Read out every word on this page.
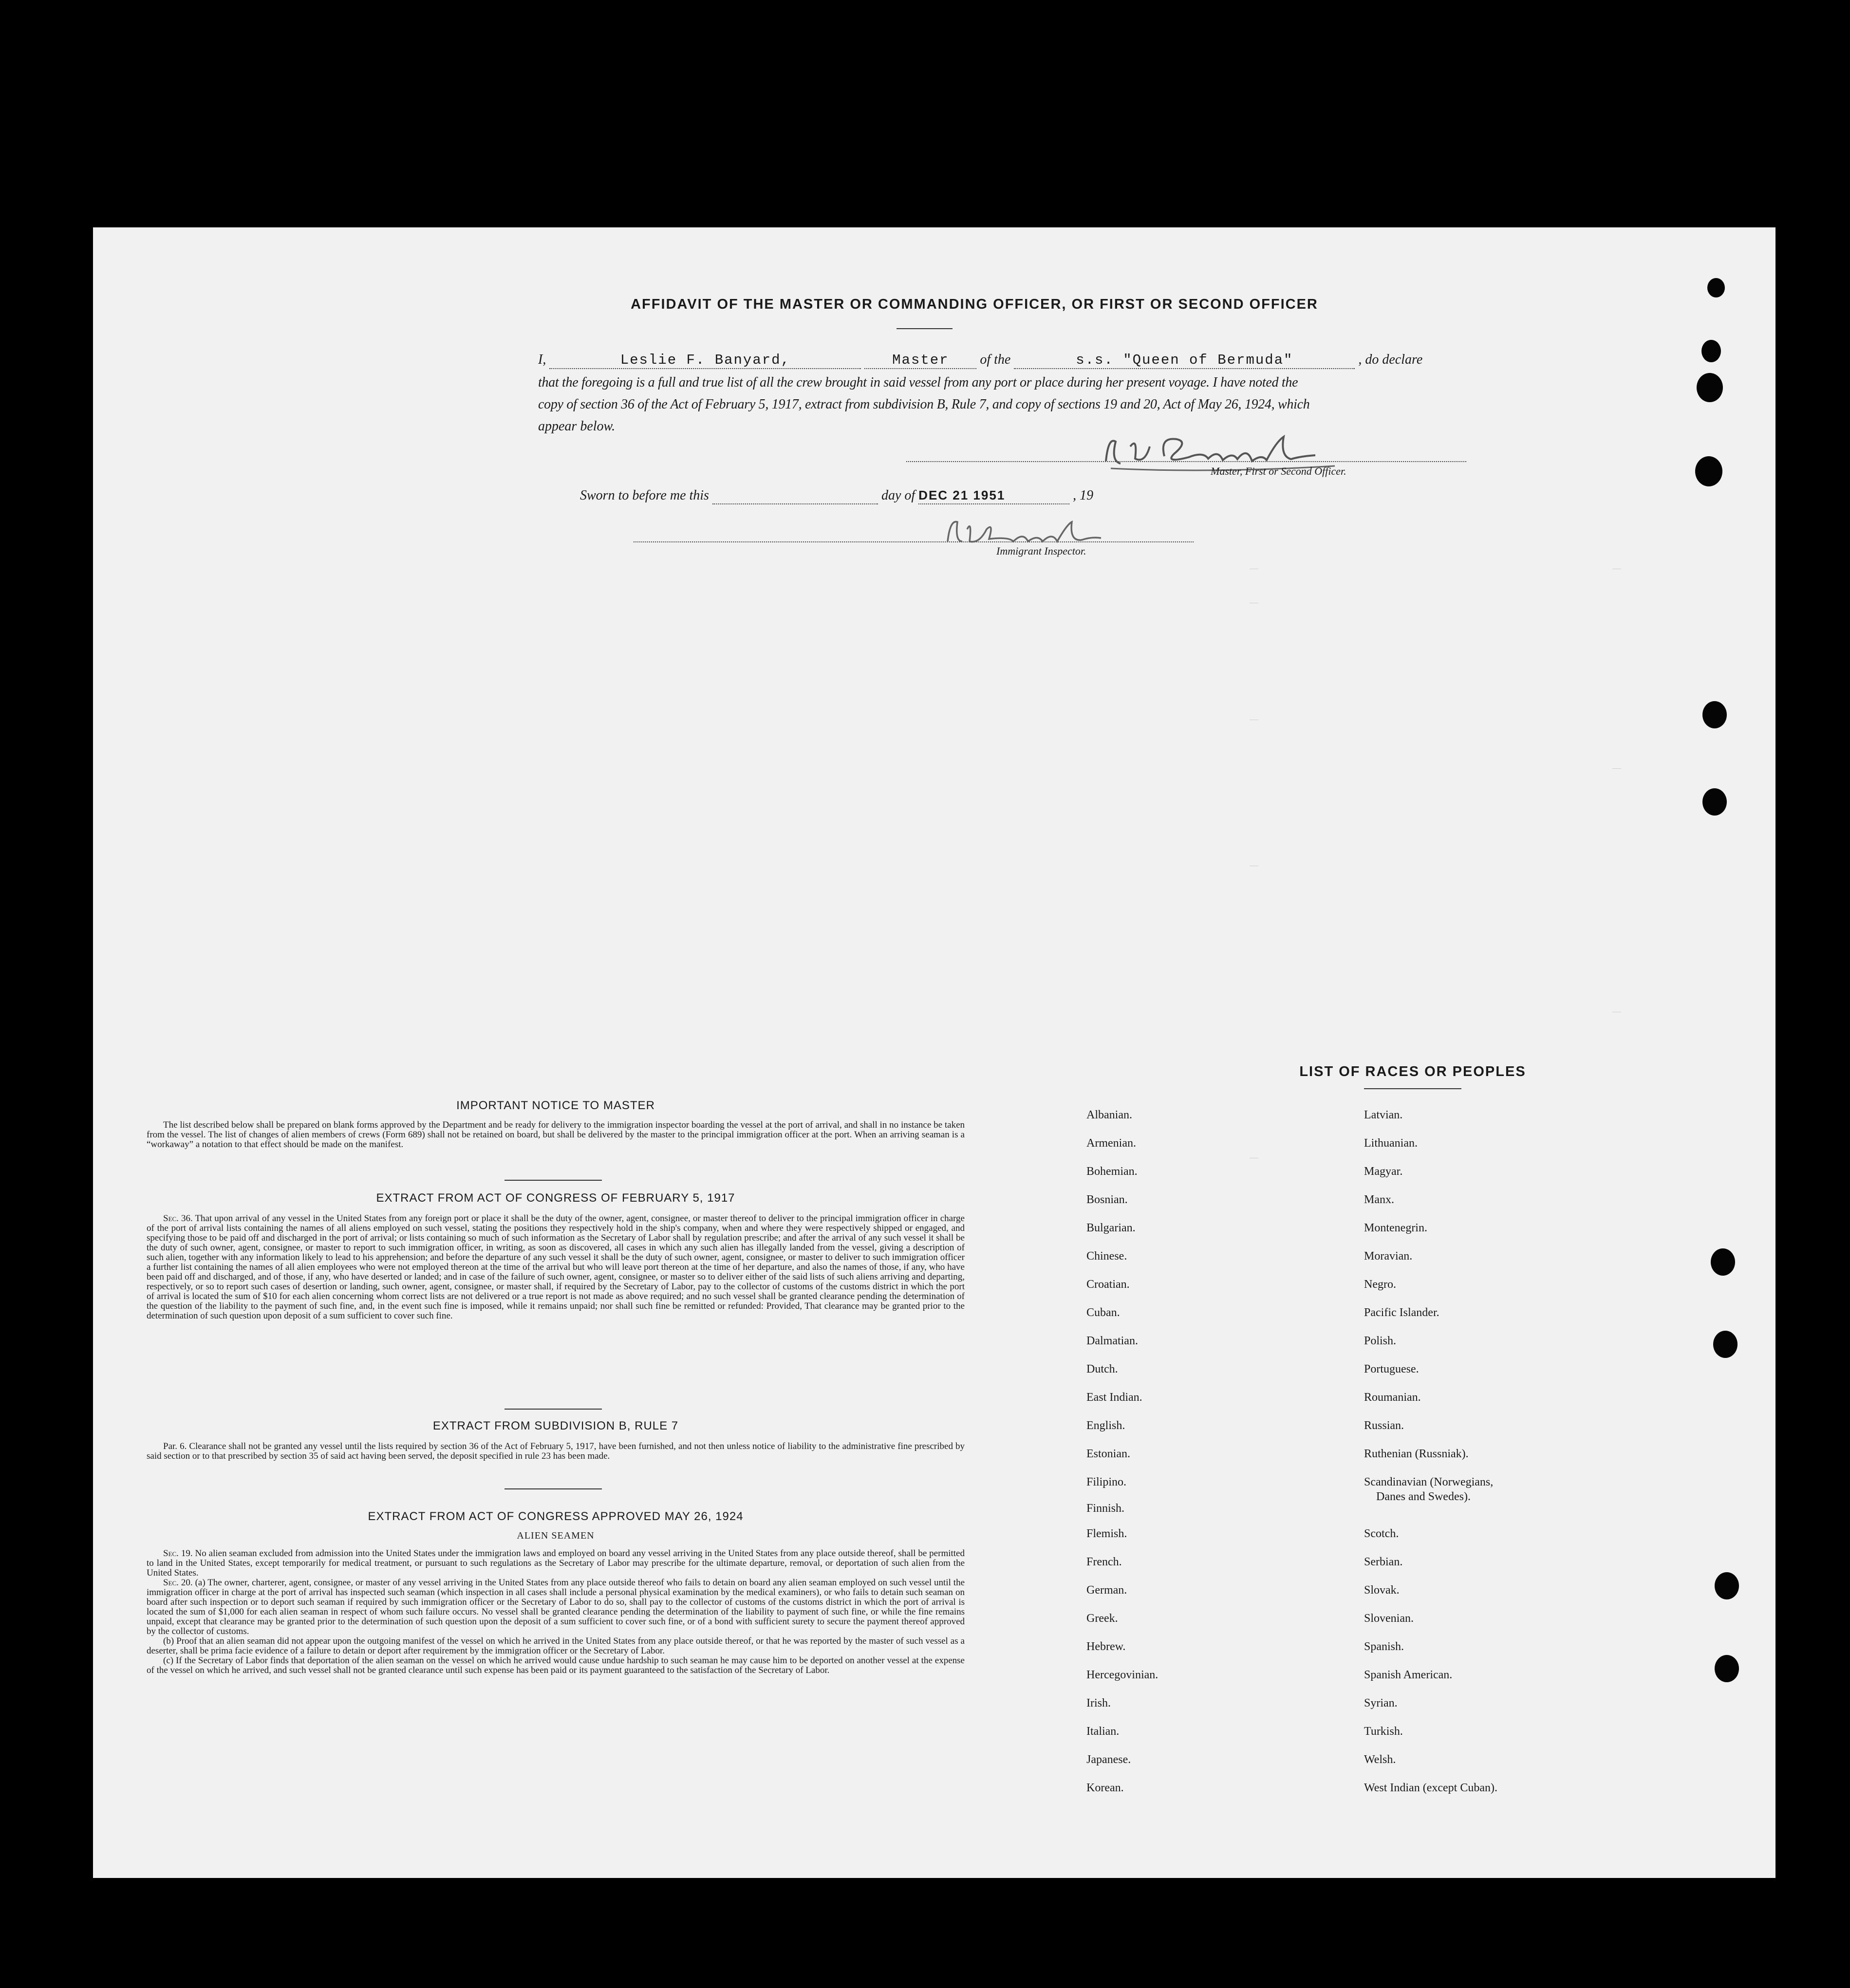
—	—
—
—
—
—
—
—
AFFIDAVIT OF THE MASTER OR COMMANDING OFFICER, OR FIRST OR SECOND OFFICER
I,	Leslie F. Banyard,	Master of the	s.s. "Queen of Bermuda"	, do declare
that the foregoing is a full and true list of all the crew brought in said vessel from any port or place during her present voyage. I have noted the
copy of section 36 of the Act of February 5, 1917, extract from subdivision B, Rule 7, and copy of sections 19 and 20, Act of May 26, 1924, which
appear below.
Master, First or Second Officer.
Sworn to before me this	day of DEC 21 1951	, 19
Immigrant Inspector.
IMPORTANT NOTICE TO MASTER

The list described below shall be prepared on blank forms approved by the Department and be ready for delivery to the immigration inspector boarding the vessel at the port of arrival, and shall in no instance be taken from the vessel. The list of changes of alien members of crews (Form 689) shall not be retained on board, but shall be delivered by the master to the principal immigration officer at the port. When an arriving seaman is a “workaway” a notation to that effect should be made on the manifest.

EXTRACT FROM ACT OF CONGRESS OF FEBRUARY 5, 1917

Sec. 36. That upon arrival of any vessel in the United States from any foreign port or place it shall be the duty of the owner, agent, consignee, or master thereof to deliver to the principal immigration officer in charge of the port of arrival lists containing the names of all aliens employed on such vessel, stating the positions they respectively hold in the ship's company, when and where they were respectively shipped or engaged, and specifying those to be paid off and discharged in the port of arrival; or lists containing so much of such information as the Secretary of Labor shall by regulation prescribe; and after the arrival of any such vessel it shall be the duty of such owner, agent, consignee, or master to report to such immigration officer, in writing, as soon as discovered, all cases in which any such alien has illegally landed from the vessel, giving a description of such alien, together with any information likely to lead to his apprehension; and before the departure of any such vessel it shall be the duty of such owner, agent, consignee, or master to deliver to such immigration officer a further list containing the names of all alien employees who were not employed thereon at the time of the arrival but who will leave port thereon at the time of her departure, and also the names of those, if any, who have been paid off and discharged, and of those, if any, who have deserted or landed; and in case of the failure of such owner, agent, consignee, or master so to deliver either of the said lists of such aliens arriving and departing, respectively, or so to report such cases of desertion or landing, such owner, agent, consignee, or master shall, if required by the Secretary of Labor, pay to the collector of customs of the customs district in which the port of arrival is located the sum of $10 for each alien concerning whom correct lists are not delivered or a true report is not made as above required; and no such vessel shall be granted clearance pending the determination of the question of the liability to the payment of such fine, and, in the event such fine is imposed, while it remains unpaid; nor shall such fine be remitted or refunded: Provided, That clearance may be granted prior to the determination of such question upon deposit of a sum sufficient to cover such fine.

EXTRACT FROM SUBDIVISION B, RULE 7

Par. 6. Clearance shall not be granted any vessel until the lists required by section 36 of the Act of February 5, 1917, have been furnished, and not then unless notice of liability to the administrative fine prescribed by said section or to that prescribed by section 35 of said act having been served, the deposit specified in rule 23 has been made.

EXTRACT FROM ACT OF CONGRESS APPROVED MAY 26, 1924
ALIEN SEAMEN

Sec. 19. No alien seaman excluded from admission into the United States under the immigration laws and employed on board any vessel arriving in the United States from any place outside thereof, shall be permitted to land in the United States, except temporarily for medical treatment, or pursuant to such regulations as the Secretary of Labor may prescribe for the ultimate departure, removal, or deportation of such alien from the United States.

Sec. 20. (a) The owner, charterer, agent, consignee, or master of any vessel arriving in the United States from any place outside thereof who fails to detain on board any alien seaman employed on such vessel until the immigration officer in charge at the port of arrival has inspected such seaman (which inspection in all cases shall include a personal physical examination by the medical examiners), or who fails to detain such seaman on board after such inspection or to deport such seaman if required by such immigration officer or the Secretary of Labor to do so, shall pay to the collector of customs of the customs district in which the port of arrival is located the sum of $1,000 for each alien seaman in respect of whom such failure occurs. No vessel shall be granted clearance pending the determination of the liability to payment of such fine, or while the fine remains unpaid, except that clearance may be granted prior to the determination of such question upon the deposit of a sum sufficient to cover such fine, or of a bond with sufficient surety to secure the payment thereof approved by the collector of customs.

(b) Proof that an alien seaman did not appear upon the outgoing manifest of the vessel on which he arrived in the United States from any place outside thereof, or that he was reported by the master of such vessel as a deserter, shall be prima facie evidence of a failure to detain or deport after requirement by the immigration officer or the Secretary of Labor.

(c) If the Secretary of Labor finds that deportation of the alien seaman on the vessel on which he arrived would cause undue hardship to such seaman he may cause him to be deported on another vessel at the expense of the vessel on which he arrived, and such vessel shall not be granted clearance until such expense has been paid or its payment guaranteed to the satisfaction of the Secretary of Labor.

LIST OF RACES OR PEOPLES
Albanian.
Armenian.
Bohemian.
Bosnian.
Bulgarian.
Chinese.
Croatian.
Cuban.
Dalmatian.
Dutch.
East Indian.
English.
Estonian.
Filipino.
Finnish.
Flemish.
French.
German.
Greek.
Hebrew.
Hercegovinian.
Irish.
Italian.
Japanese.
Korean.
Latvian.
Lithuanian.
Magyar.
Manx.
Montenegrin.
Moravian.
Negro.
Pacific Islander.
Polish.
Portuguese.
Roumanian.
Russian.
Ruthenian (Russniak).
Scandinavian (Norwegians,
Danes and Swedes).
Scotch.
Serbian.
Slovak.
Slovenian.
Spanish.
Spanish American.
Syrian.
Turkish.
Welsh.
West Indian (except Cuban).
